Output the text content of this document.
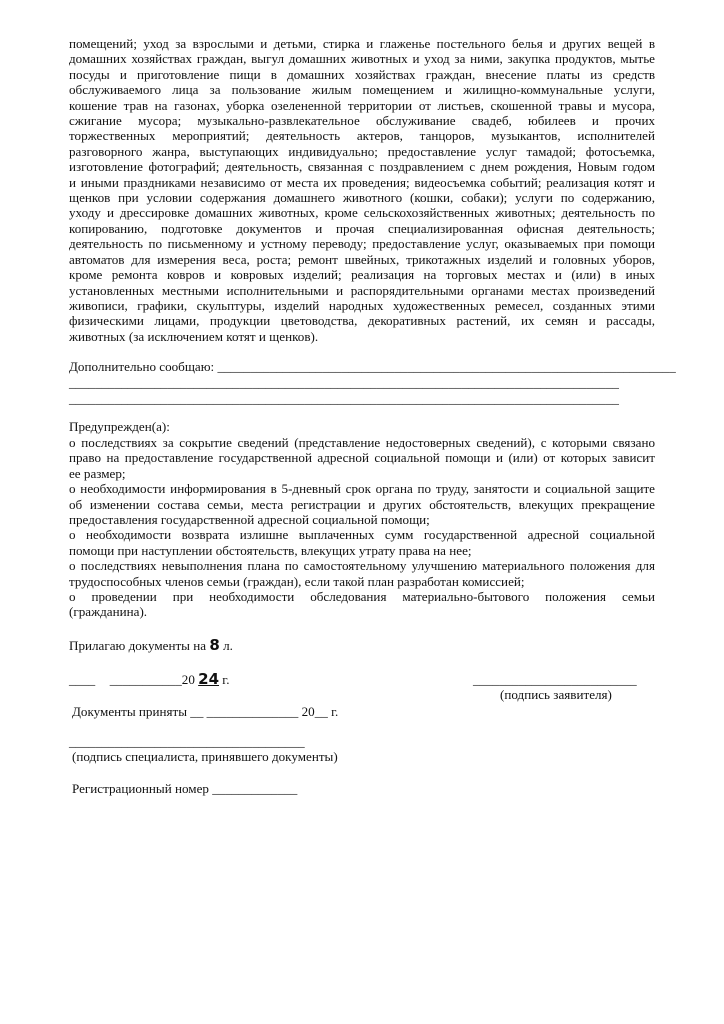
помещений; уход за взрослыми и детьми, стирка и глаженье постельного белья и других вещей в
домашних хозяйствах граждан, выгул домашних животных и уход за ними, закупка продуктов, мытье
посуды и приготовление пищи в домашних хозяйствах граждан, внесение платы из средств
обслуживаемого лица за пользование жилым помещением и жилищно-коммунальные услуги,
кошение трав на газонах, уборка озелененной территории от листьев, скошенной травы и мусора,
сжигание мусора; музыкально-развлекательное обслуживание свадеб, юбилеев и прочих
торжественных мероприятий; деятельность актеров, танцоров, музыкантов, исполнителей
разговорного жанра, выступающих индивидуально; предоставление услуг тамадой; фотосъемка,
изготовление фотографий; деятельность, связанная с поздравлением с днем рождения, Новым годом
и иными праздниками независимо от места их проведения; видеосъемка событий; реализация котят и
щенков при условии содержания домашнего животного (кошки, собаки); услуги по содержанию,
уходу и дрессировке домашних животных, кроме сельскохозяйственных животных; деятельность по
копированию, подготовке документов и прочая специализированная офисная деятельность;
деятельность по письменному и устному переводу; предоставление услуг, оказываемых при помощи
автоматов для измерения веса, роста; ремонт швейных, трикотажных изделий и головных уборов,
кроме ремонта ковров и ковровых изделий; реализация на торговых местах и (или) в иных
установленных местными исполнительными и распорядительными органами местах произведений
живописи, графики, скульптуры, изделий народных художественных ремесел, созданных этими
физическими лицами, продукции цветоводства, декоративных растений, их семян и рассады,
животных (за исключением котят и щенков).
Дополнительно сообщаю: ______________________________________________________________________
____________________________________________________________________________________
____________________________________________________________________________________
Предупрежден(а):
о последствиях за сокрытие сведений (представление недостоверных сведений), с которыми связано
право на предоставление государственной адресной социальной помощи и (или) от которых зависит
ее размер;
о необходимости информирования в 5-дневный срок органа по труду, занятости и социальной защите
об изменении состава семьи, места регистрации и других обстоятельств, влекущих прекращение
предоставления государственной адресной социальной помощи;
о необходимости возврата излишне выплаченных сумм государственной адресной социальной
помощи при наступлении обстоятельств, влекущих утрату права на нее;
о последствиях невыполнения плана по самостоятельному улучшению материального положения для
трудоспособных членов семьи (граждан), если такой план разработан комиссией;
о проведении при необходимости обследования материально-бытового положения семьи
(гражданина).
Прилагаю документы на 8 л.
____ ___________20 24 г.	_________________________
(подпись заявителя)
Документы приняты __ ______________ 20__ г.
____________________________________
(подпись специалиста, принявшего документы)
Регистрационный номер _____________
